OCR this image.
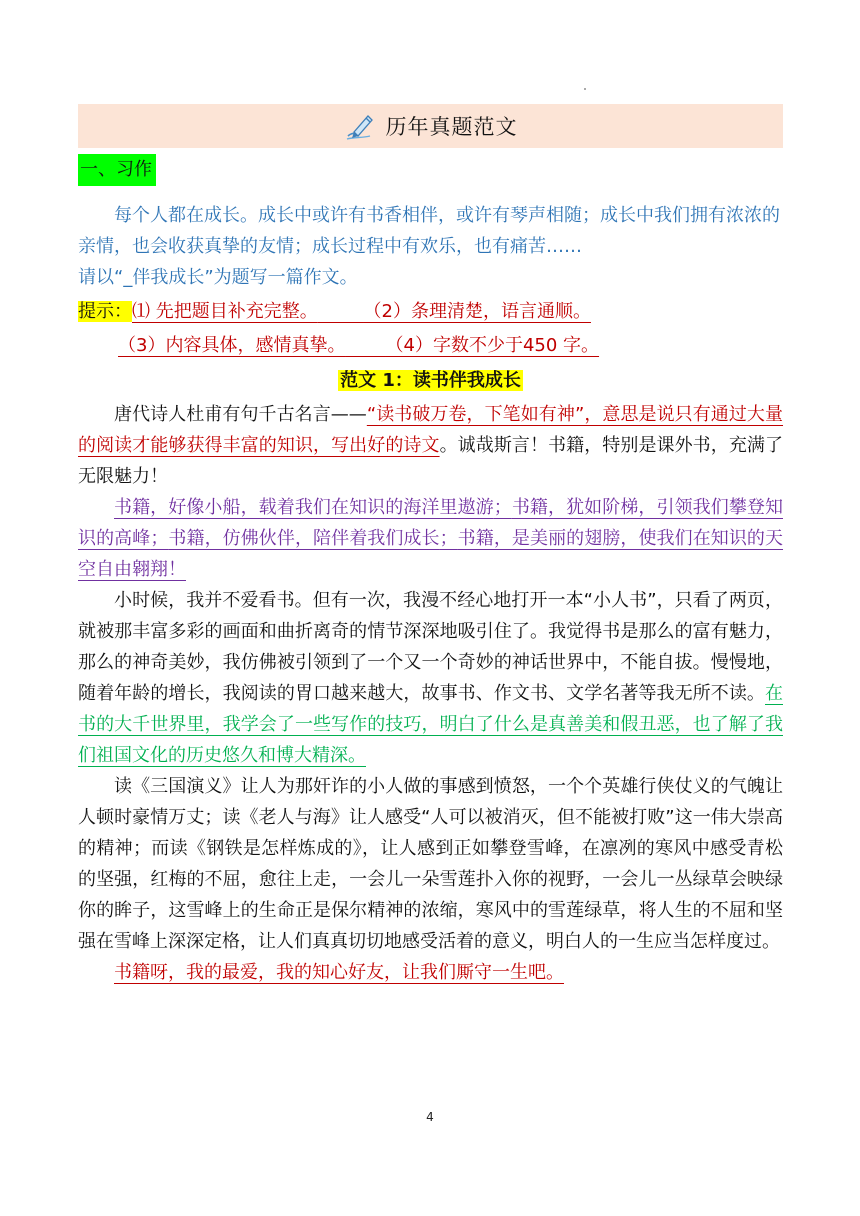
历年真题范文
一、习作

每个人都在成长。成长中或许有书香相伴，或许有琴声相随；成长中我们拥有浓浓的亲情，也会收获真挚的友情；成长过程中有欢乐，也有痛苦……

请以“_伴我成长”为题写一篇作文。

提示：⑴ 先把题目补充完整。	（2）条理清楚，语言通顺。
（3）内容具体，感情真挚。 （4）字数不少于450 字。
范文 1：读书伴我成长

唐代诗人杜甫有句千古名言——“读书破万卷，下笔如有神”，意思是说只有通过大量的阅读才能够获得丰富的知识，写出好的诗文。诚哉斯言！书籍，特别是课外书，充满了无限魅力！

书籍，好像小船，载着我们在知识的海洋里遨游；书籍，犹如阶梯，引领我们攀登知识的高峰；书籍，仿佛伙伴，陪伴着我们成长；书籍，是美丽的翅膀，使我们在知识的天空自由翱翔！

小时候，我并不爱看书。但有一次，我漫不经心地打开一本“小人书”，只看了两页，就被那丰富多彩的画面和曲折离奇的情节深深地吸引住了。我觉得书是那么的富有魅力，那么的神奇美妙，我仿佛被引领到了一个又一个奇妙的神话世界中，不能自拔。慢慢地，随着年龄的增长，我阅读的胃口越来越大，故事书、作文书、文学名著等我无所不读。在书的大千世界里，我学会了一些写作的技巧，明白了什么是真善美和假丑恶，也了解了我们祖国文化的历史悠久和博大精深。

读《三国演义》让人为那奸诈的小人做的事感到愤怒，一个个英雄行侠仗义的气魄让人顿时豪情万丈；读《老人与海》让人感受“人可以被消灭，但不能被打败”这一伟大崇高的精神；而读《钢铁是怎样炼成的》，让人感到正如攀登雪峰，在凛冽的寒风中感受青松的坚强，红梅的不屈，愈往上走，一会儿一朵雪莲扑入你的视野，一会儿一丛绿草会映绿你的眸子，这雪峰上的生命正是保尔精神的浓缩，寒风中的雪莲绿草，将人生的不屈和坚强在雪峰上深深定格，让人们真真切切地感受活着的意义，明白人的一生应当怎样度过。

书籍呀，我的最爱，我的知心好友，让我们厮守一生吧。

4
